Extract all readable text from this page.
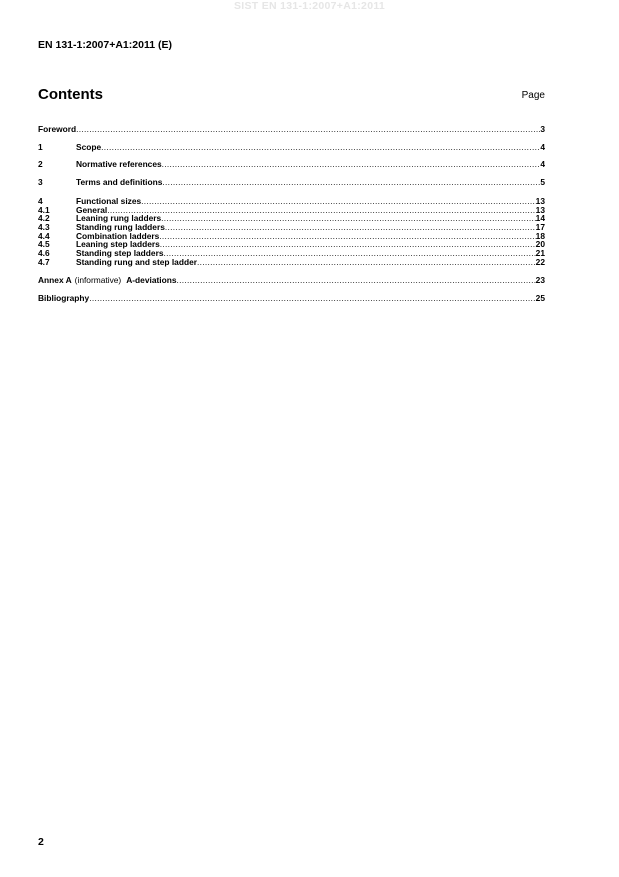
SIST EN 131-1:2007+A1:2011
EN 131-1:2007+A1:2011 (E)
Contents	Page
Foreword .....	3
1	Scope .....	4
2	Normative references .....	4
3	Terms and definitions .....	5
4	Functional sizes .....	13
4.1	General .....	13
4.2	Leaning rung ladders .....	14
4.3	Standing rung ladders .....	17
4.4	Combination ladders .....	18
4.5	Leaning step ladders .....	20
4.6	Standing step ladders .....	21
4.7	Standing rung and step ladder .....	22
Annex A (informative) A-deviations .....	23
Bibliography .....	25
2
